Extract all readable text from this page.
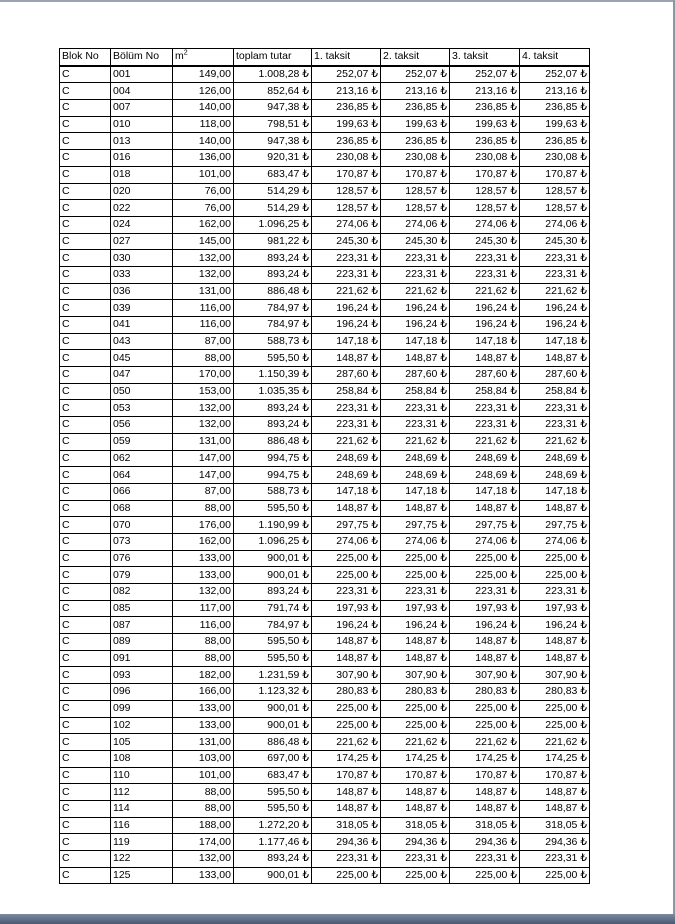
Blok No	Bölüm No	$m^2$	toplam tutar	1. taksit	2. taksit	3. taksit	4. taksit
C	001	149,00	1.008,28 ₺	252,07 ₺	252,07 ₺	252,07 ₺	252,07 ₺
C	004	126,00	852,64 ₺	213,16 ₺	213,16 ₺	213,16 ₺	213,16 ₺
C	007	140,00	947,38 ₺	236,85 ₺	236,85 ₺	236,85 ₺	236,85 ₺
C	010	118,00	798,51 ₺	199,63 ₺	199,63 ₺	199,63 ₺	199,63 ₺
C	013	140,00	947,38 ₺	236,85 ₺	236,85 ₺	236,85 ₺	236,85 ₺
C	016	136,00	920,31 ₺	230,08 ₺	230,08 ₺	230,08 ₺	230,08 ₺
C	018	101,00	683,47 ₺	170,87 ₺	170,87 ₺	170,87 ₺	170,87 ₺
C	020	76,00	514,29 ₺	128,57 ₺	128,57 ₺	128,57 ₺	128,57 ₺
C	022	76,00	514,29 ₺	128,57 ₺	128,57 ₺	128,57 ₺	128,57 ₺
C	024	162,00	1.096,25 ₺	274,06 ₺	274,06 ₺	274,06 ₺	274,06 ₺
C	027	145,00	981,22 ₺	245,30 ₺	245,30 ₺	245,30 ₺	245,30 ₺
C	030	132,00	893,24 ₺	223,31 ₺	223,31 ₺	223,31 ₺	223,31 ₺
C	033	132,00	893,24 ₺	223,31 ₺	223,31 ₺	223,31 ₺	223,31 ₺
C	036	131,00	886,48 ₺	221,62 ₺	221,62 ₺	221,62 ₺	221,62 ₺
C	039	116,00	784,97 ₺	196,24 ₺	196,24 ₺	196,24 ₺	196,24 ₺
C	041	116,00	784,97 ₺	196,24 ₺	196,24 ₺	196,24 ₺	196,24 ₺
C	043	87,00	588,73 ₺	147,18 ₺	147,18 ₺	147,18 ₺	147,18 ₺
C	045	88,00	595,50 ₺	148,87 ₺	148,87 ₺	148,87 ₺	148,87 ₺
C	047	170,00	1.150,39 ₺	287,60 ₺	287,60 ₺	287,60 ₺	287,60 ₺
C	050	153,00	1.035,35 ₺	258,84 ₺	258,84 ₺	258,84 ₺	258,84 ₺
C	053	132,00	893,24 ₺	223,31 ₺	223,31 ₺	223,31 ₺	223,31 ₺
C	056	132,00	893,24 ₺	223,31 ₺	223,31 ₺	223,31 ₺	223,31 ₺
C	059	131,00	886,48 ₺	221,62 ₺	221,62 ₺	221,62 ₺	221,62 ₺
C	062	147,00	994,75 ₺	248,69 ₺	248,69 ₺	248,69 ₺	248,69 ₺
C	064	147,00	994,75 ₺	248,69 ₺	248,69 ₺	248,69 ₺	248,69 ₺
C	066	87,00	588,73 ₺	147,18 ₺	147,18 ₺	147,18 ₺	147,18 ₺
C	068	88,00	595,50 ₺	148,87 ₺	148,87 ₺	148,87 ₺	148,87 ₺
C	070	176,00	1.190,99 ₺	297,75 ₺	297,75 ₺	297,75 ₺	297,75 ₺
C	073	162,00	1.096,25 ₺	274,06 ₺	274,06 ₺	274,06 ₺	274,06 ₺
C	076	133,00	900,01 ₺	225,00 ₺	225,00 ₺	225,00 ₺	225,00 ₺
C	079	133,00	900,01 ₺	225,00 ₺	225,00 ₺	225,00 ₺	225,00 ₺
C	082	132,00	893,24 ₺	223,31 ₺	223,31 ₺	223,31 ₺	223,31 ₺
C	085	117,00	791,74 ₺	197,93 ₺	197,93 ₺	197,93 ₺	197,93 ₺
C	087	116,00	784,97 ₺	196,24 ₺	196,24 ₺	196,24 ₺	196,24 ₺
C	089	88,00	595,50 ₺	148,87 ₺	148,87 ₺	148,87 ₺	148,87 ₺
C	091	88,00	595,50 ₺	148,87 ₺	148,87 ₺	148,87 ₺	148,87 ₺
C	093	182,00	1.231,59 ₺	307,90 ₺	307,90 ₺	307,90 ₺	307,90 ₺
C	096	166,00	1.123,32 ₺	280,83 ₺	280,83 ₺	280,83 ₺	280,83 ₺
C	099	133,00	900,01 ₺	225,00 ₺	225,00 ₺	225,00 ₺	225,00 ₺
C	102	133,00	900,01 ₺	225,00 ₺	225,00 ₺	225,00 ₺	225,00 ₺
C	105	131,00	886,48 ₺	221,62 ₺	221,62 ₺	221,62 ₺	221,62 ₺
C	108	103,00	697,00 ₺	174,25 ₺	174,25 ₺	174,25 ₺	174,25 ₺
C	110	101,00	683,47 ₺	170,87 ₺	170,87 ₺	170,87 ₺	170,87 ₺
C	112	88,00	595,50 ₺	148,87 ₺	148,87 ₺	148,87 ₺	148,87 ₺
C	114	88,00	595,50 ₺	148,87 ₺	148,87 ₺	148,87 ₺	148,87 ₺
C	116	188,00	1.272,20 ₺	318,05 ₺	318,05 ₺	318,05 ₺	318,05 ₺
C	119	174,00	1.177,46 ₺	294,36 ₺	294,36 ₺	294,36 ₺	294,36 ₺
C	122	132,00	893,24 ₺	223,31 ₺	223,31 ₺	223,31 ₺	223,31 ₺
C	125	133,00	900,01 ₺	225,00 ₺	225,00 ₺	225,00 ₺	225,00 ₺
